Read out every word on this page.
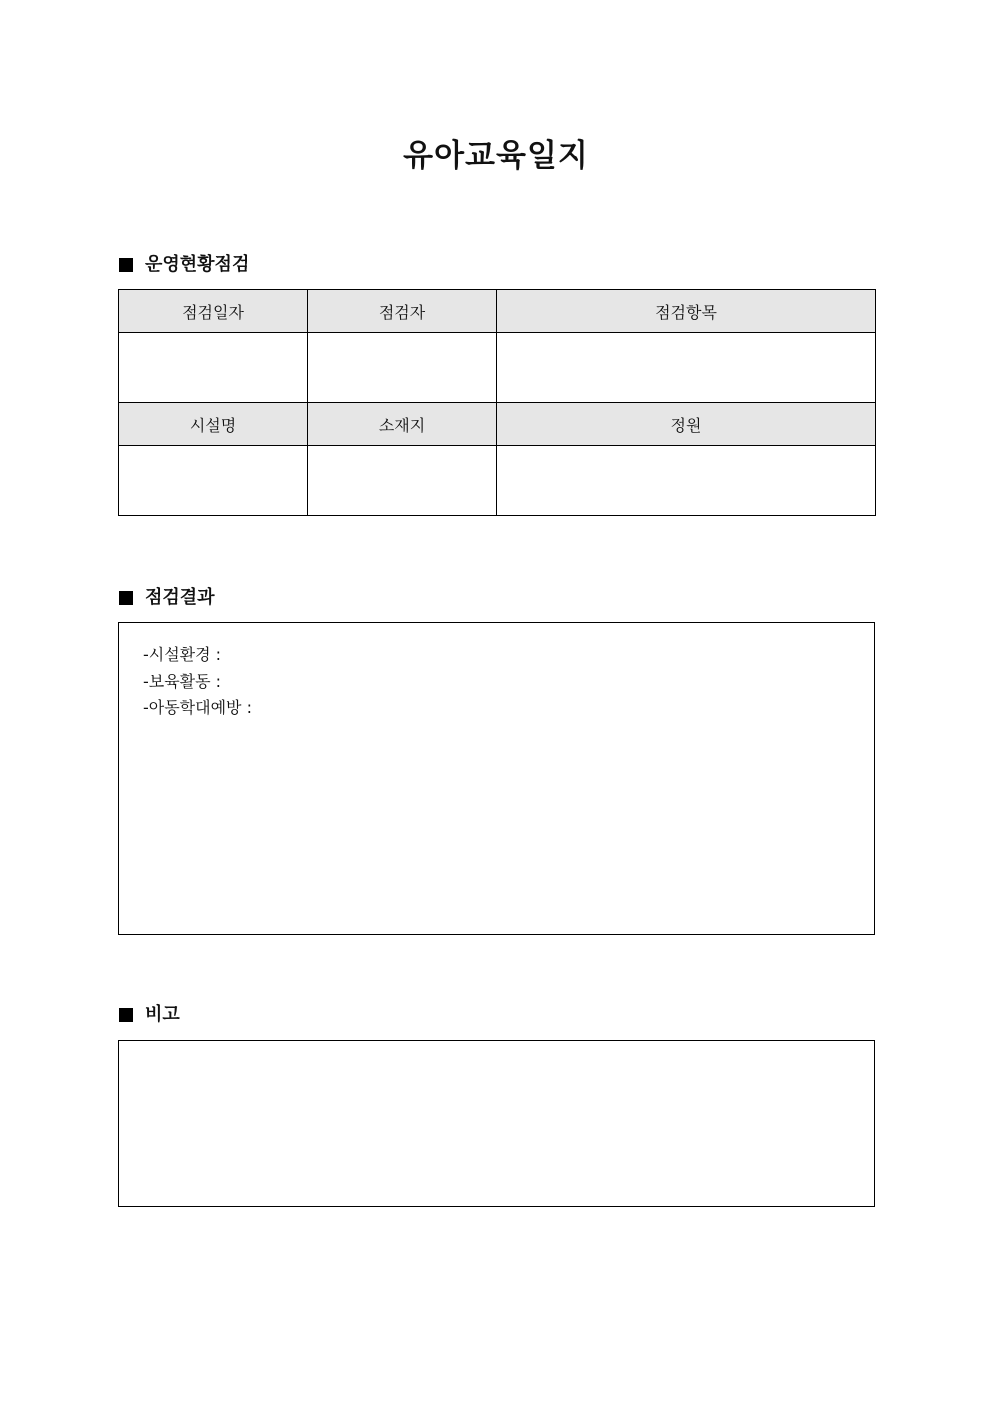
유아교육일지
운영현황점검
점검일자	점검자	점검항목

시설명	소재지	정원

점검결과
-시설환경 :
-보육활동 :
-아동학대예방 :
비고
